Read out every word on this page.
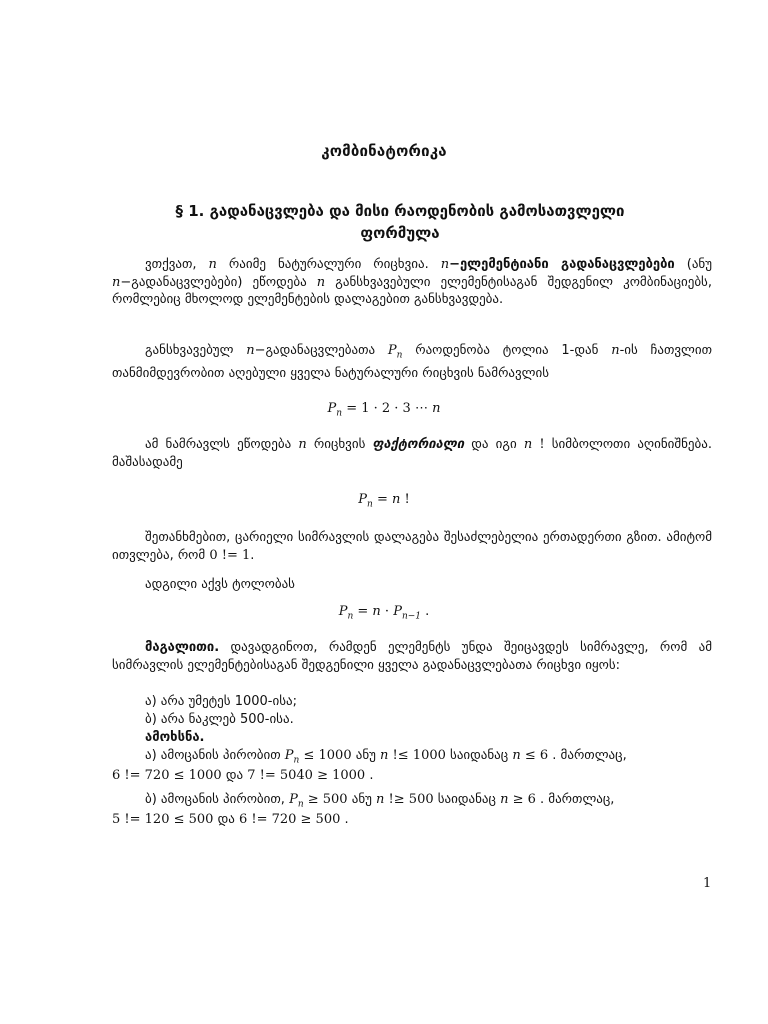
კომბინატორიკა
§ 1. გადანაცვლება და მისი რაოდენობის გამოსათვლელი
ფორმულა
ვთქვათ, n რაიმე ნატურალური რიცხვია. n−ელემენტიანი გადანაცვლებები (ანუ n−გადანაცვლებები) ეწოდება n განსხვავებული ელემენტისაგან შედგენილ კომბინაციებს, რომლებიც მხოლოდ ელემენტების დალაგებით განსხვავდება.
განსხვავებულ n−გადანაცვლებათა $P_n$ რაოდენობა ტოლია 1-დან n-ის ჩათვლით თანმიმდევრობით აღებული ყველა ნატურალური რიცხვის ნამრავლის
$P_n = 1 \cdot 2 \cdot 3$ ⋯ n
ამ ნამრავლს ეწოდება n რიცხვის ფაქტორიალი და იგი n ! სიმბოლოთი აღინიშნება. მაშასადამე
$P_n = n$ !
შეთანხმებით, ცარიელი სიმრავლის დალაგება შესაძლებელია ერთადერთი გზით. ამიტომ ითვლება, რომ 0 != 1.
ადგილი აქვს ტოლობას
$P_n = n \cdot P_{n-1}$ .
მაგალითი. დავადგინოთ, რამდენ ელემენტს უნდა შეიცავდეს სიმრავლე, რომ ამ სიმრავლის ელემენტებისაგან შედგენილი ყველა გადანაცვლებათა რიცხვი იყოს:
ა) არა უმეტეს 1000-ისა;
ბ) არა ნაკლებ 500-ისა.
ამოხსნა.
ა) ამოცანის პირობით $P_n \le 1000$ ანუ n !≤ 1000 საიდანაც n ≤ 6 . მართლაც,
6 != 720 ≤ 1000 და 7 != 5040 ≥ 1000 .
ბ) ამოცანის პირობით, $P_n \ge 500$ ანუ n !≥ 500 საიდანაც n ≥ 6 . მართლაც,
5 != 120 ≤ 500 და 6 != 720 ≥ 500 .
1
